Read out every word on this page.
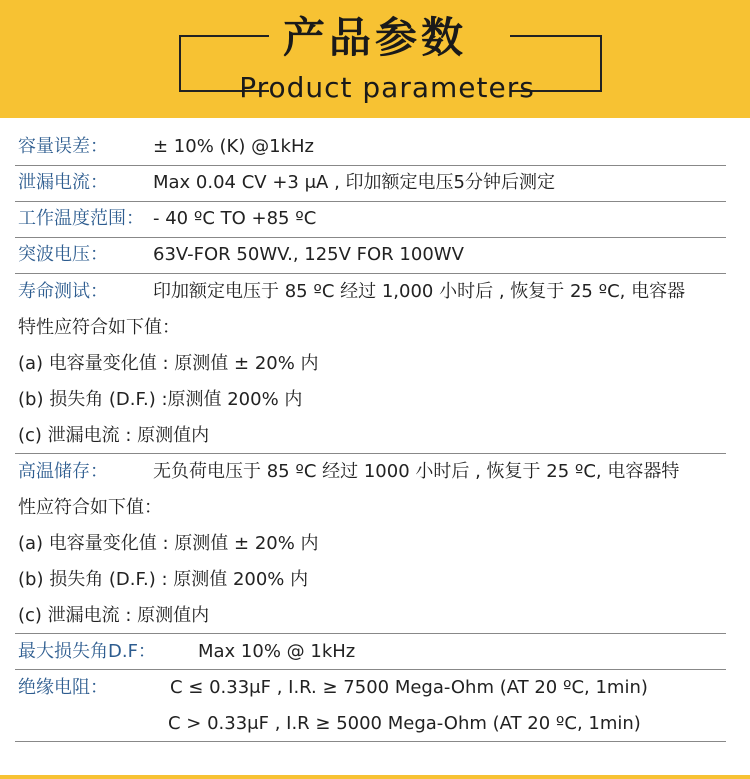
产品参数
Product parameters
容量误差：	± 10% (K) @1kHz
泄漏电流：	Max 0.04 CV +3 μA , 印加额定电压5分钟后测定
工作温度范围： - 40 ºC TO +85 ºC
突波电压：	63V-FOR 50WV., 125V FOR 100WV
寿命测试：	印加额定电压于 85 ºC 经过 1,000 小时后 , 恢复于 25 ºC, 电容器
特性应符合如下值：
(a) 电容量变化值 : 原测值 ± 20% 内
(b) 损失角 (D.F.) :原测值 200% 内
(c) 泄漏电流 : 原测值内
高温储存：	无负荷电压于 85 ºC 经过 1000 小时后 , 恢复于 25 ºC, 电容器特
性应符合如下值：
(a) 电容量变化值 : 原测值 ± 20% 内
(b) 损失角 (D.F.) : 原测值 200% 内
(c) 泄漏电流 : 原测值内
最大损失角D.F： Max 10% @ 1kHz
绝缘电阻：	C ≤ 0.33μF , I.R. ≥ 7500 Mega-Ohm (AT 20 ºC, 1min)
C > 0.33μF , I.R ≥ 5000 Mega-Ohm (AT 20 ºC, 1min)
